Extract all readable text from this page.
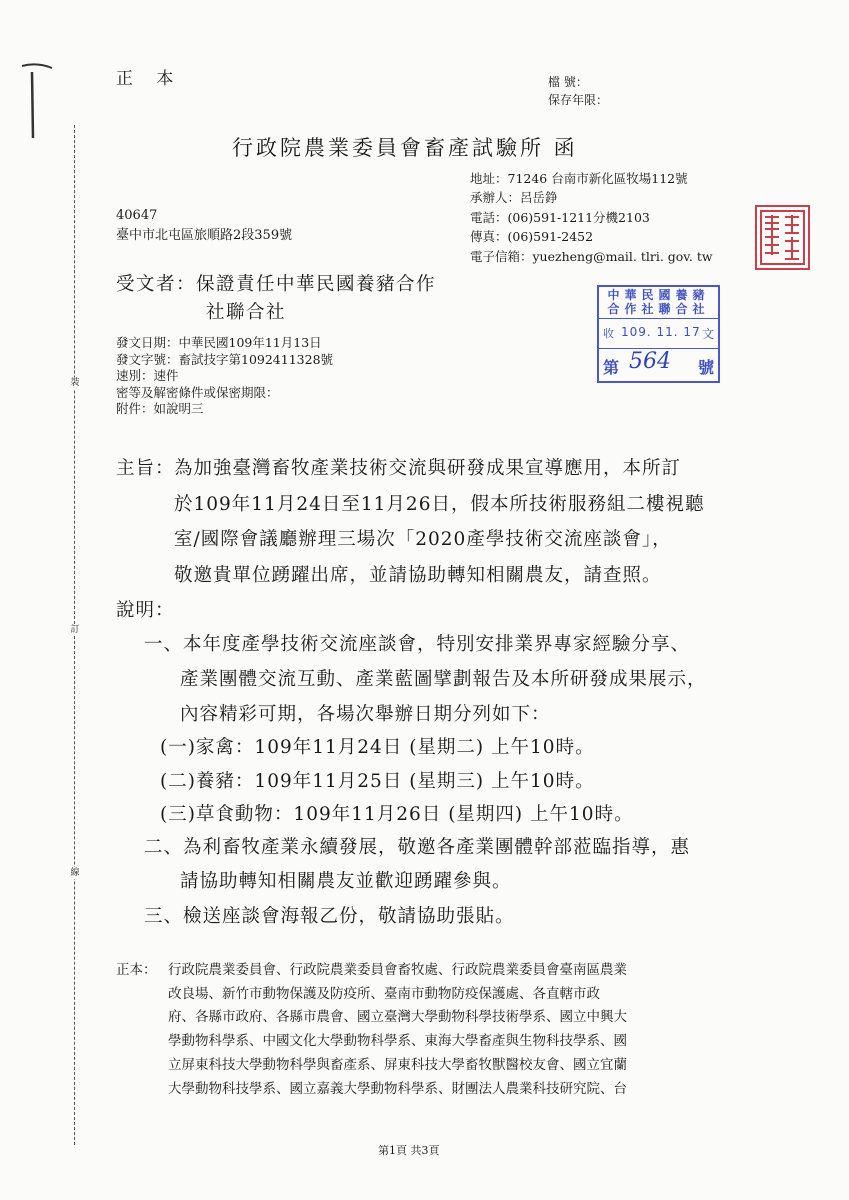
裝
訂
線
正 本	檔 號：
保存年限：
行政院農業委員會畜產試驗所 函
地址：71246 台南市新化區牧場112號
承辦人：呂岳錚
電話：(06)591-1211分機2103
傳真：(06)591-2452
電子信箱：yuezheng@mail. tlri. gov. tw
40647
臺中市北屯區旅順路2段359號
受文者：保證責任中華民國養豬合作
社聯合社
中華民國養豬
合作社聯合社
收 109. 11. 17 文
第 564 號
發文日期：中華民國109年11月13日
發文字號：畜試技字第1092411328號
速別：速件
密等及解密條件或保密期限：
附件：如說明三
主旨： 為加強臺灣畜牧產業技術交流與研發成果宣導應用，本所訂
於109年11月24日至11月26日，假本所技術服務組二樓視聽
室/國際會議廳辦理三場次「2020產學技術交流座談會」，
敬邀貴單位踴躍出席，並請協助轉知相關農友，請查照。
說明：
一、本年度產學技術交流座談會，特別安排業界專家經驗分享、
產業團體交流互動、產業藍圖擘劃報告及本所研發成果展示，
內容精彩可期，各場次舉辦日期分列如下：
(一)家禽：109年11月24日 (星期二) 上午10時。
(二)養豬：109年11月25日 (星期三) 上午10時。
(三)草食動物：109年11月26日 (星期四) 上午10時。
二、為利畜牧產業永續發展，敬邀各產業團體幹部蒞臨指導，惠
請協助轉知相關農友並歡迎踴躍參與。
三、檢送座談會海報乙份，敬請協助張貼。
正本： 行政院農業委員會、行政院農業委員會畜牧處、行政院農業委員會臺南區農業
改良場、新竹市動物保護及防疫所、臺南市動物防疫保護處、各直轄市政
府、各縣市政府、各縣市農會、國立臺灣大學動物科學技術學系、國立中興大
學動物科學系、中國文化大學動物科學系、東海大學畜產與生物科技學系、國
立屏東科技大學動物科學與畜產系、屏東科技大學畜牧獸醫校友會、國立宜蘭
大學動物科技學系、國立嘉義大學動物科學系、財團法人農業科技研究院、台
第1頁 共3頁
